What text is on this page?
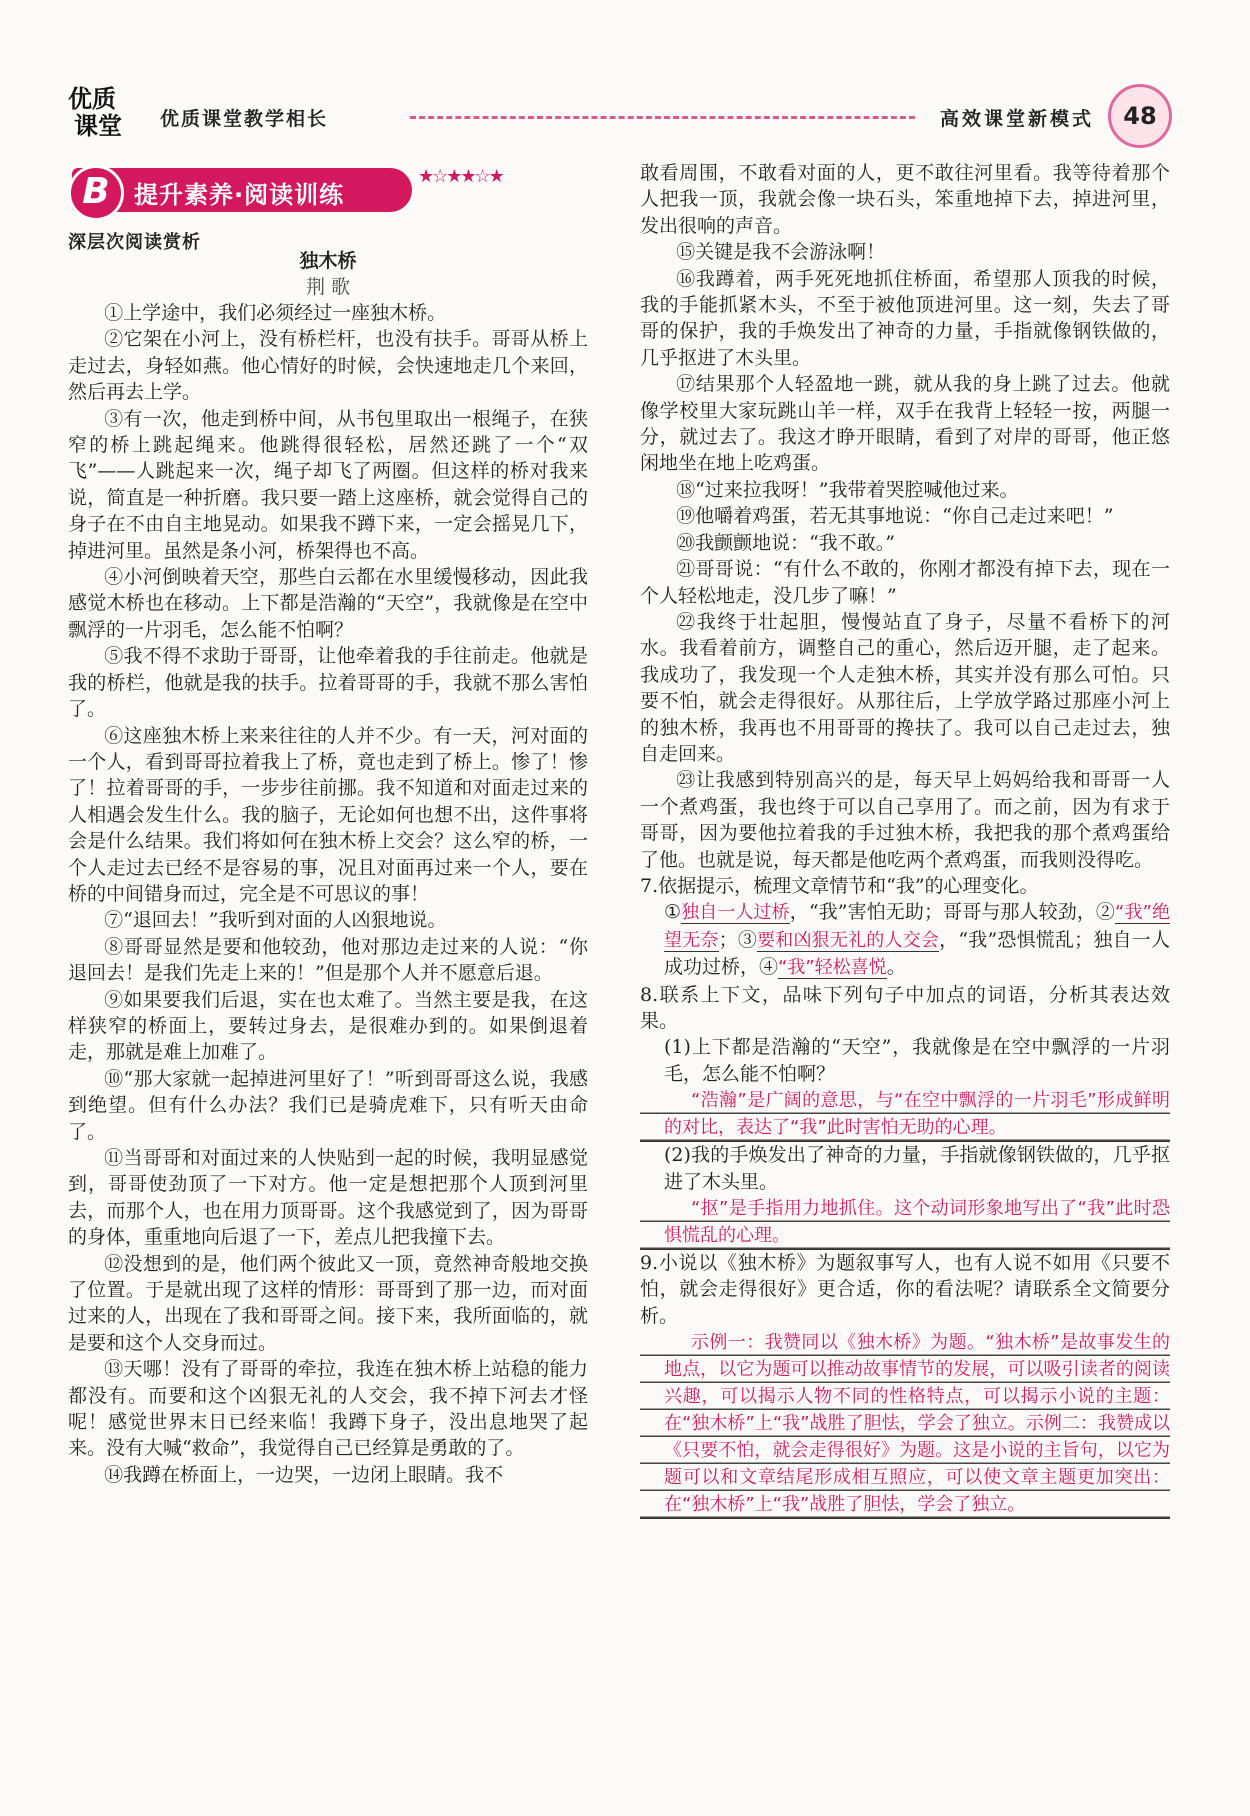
优质
课堂	优质课堂教学相长	高效课堂新模式	48
B	提升素养·阅读训练
★☆★★☆★
深层次阅读赏析
独木桥
荆 歌

①上学途中，我们必须经过一座独木桥。

②它架在小河上，没有桥栏杆，也没有扶手。哥哥从桥上走过去，身轻如燕。他心情好的时候，会快速地走几个来回，然后再去上学。

③有一次，他走到桥中间，从书包里取出一根绳子，在狭窄的桥上跳起绳来。他跳得很轻松，居然还跳了一个“双飞”——人跳起来一次，绳子却飞了两圈。但这样的桥对我来说，简直是一种折磨。我只要一踏上这座桥，就会觉得自己的身子在不由自主地晃动。如果我不蹲下来，一定会摇晃几下，掉进河里。虽然是条小河，桥架得也不高。

④小河倒映着天空，那些白云都在水里缓慢移动，因此我感觉木桥也在移动。上下都是浩瀚的“天空”，我就像是在空中飘浮的一片羽毛，怎么能不怕啊？

⑤我不得不求助于哥哥，让他牵着我的手往前走。他就是我的桥栏，他就是我的扶手。拉着哥哥的手，我就不那么害怕了。

⑥这座独木桥上来来往往的人并不少。有一天，河对面的一个人，看到哥哥拉着我上了桥，竟也走到了桥上。惨了！惨了！拉着哥哥的手，一步步往前挪。我不知道和对面走过来的人相遇会发生什么。我的脑子，无论如何也想不出，这件事将会是什么结果。我们将如何在独木桥上交会？这么窄的桥，一个人走过去已经不是容易的事，况且对面再过来一个人，要在桥的中间错身而过，完全是不可思议的事！

⑦“退回去！”我听到对面的人凶狠地说。

⑧哥哥显然是要和他较劲，他对那边走过来的人说：“你退回去！是我们先走上来的！”但是那个人并不愿意后退。

⑨如果要我们后退，实在也太难了。当然主要是我，在这样狭窄的桥面上，要转过身去，是很难办到的。如果倒退着走，那就是难上加难了。

⑩“那大家就一起掉进河里好了！”听到哥哥这么说，我感到绝望。但有什么办法？我们已是骑虎难下，只有听天由命了。

⑪当哥哥和对面过来的人快贴到一起的时候，我明显感觉到，哥哥使劲顶了一下对方。他一定是想把那个人顶到河里去，而那个人，也在用力顶哥哥。这个我感觉到了，因为哥哥的身体，重重地向后退了一下，差点儿把我撞下去。

⑫没想到的是，他们两个彼此又一顶，竟然神奇般地交换了位置。于是就出现了这样的情形：哥哥到了那一边，而对面过来的人，出现在了我和哥哥之间。接下来，我所面临的，就是要和这个人交身而过。

⑬天哪！没有了哥哥的牵拉，我连在独木桥上站稳的能力都没有。而要和这个凶狠无礼的人交会，我不掉下河去才怪呢！感觉世界末日已经来临！我蹲下身子，没出息地哭了起来。没有大喊“救命”，我觉得自己已经算是勇敢的了。

⑭我蹲在桥面上，一边哭，一边闭上眼睛。我不

敢看周围，不敢看对面的人，更不敢往河里看。我等待着那个人把我一顶，我就会像一块石头，笨重地掉下去，掉进河里，发出很响的声音。

⑮关键是我不会游泳啊！

⑯我蹲着，两手死死地抓住桥面，希望那人顶我的时候，我的手能抓紧木头，不至于被他顶进河里。这一刻，失去了哥哥的保护，我的手焕发出了神奇的力量，手指就像钢铁做的，几乎抠进了木头里。

⑰结果那个人轻盈地一跳，就从我的身上跳了过去。他就像学校里大家玩跳山羊一样，双手在我背上轻轻一按，两腿一分，就过去了。我这才睁开眼睛，看到了对岸的哥哥，他正悠闲地坐在地上吃鸡蛋。

⑱“过来拉我呀！”我带着哭腔喊他过来。

⑲他嚼着鸡蛋，若无其事地说：“你自己走过来吧！”

⑳我颤颤地说：“我不敢。”

㉑哥哥说：“有什么不敢的，你刚才都没有掉下去，现在一个人轻松地走，没几步了嘛！”

㉒我终于壮起胆，慢慢站直了身子，尽量不看桥下的河水。我看着前方，调整自己的重心，然后迈开腿，走了起来。我成功了，我发现一个人走独木桥，其实并没有那么可怕。只要不怕，就会走得很好。从那往后，上学放学路过那座小河上的独木桥，我再也不用哥哥的搀扶了。我可以自己走过去，独自走回来。

㉓让我感到特别高兴的是，每天早上妈妈给我和哥哥一人一个煮鸡蛋，我也终于可以自己享用了。而之前，因为有求于哥哥，因为要他拉着我的手过独木桥，我把我的那个煮鸡蛋给了他。也就是说，每天都是他吃两个煮鸡蛋，而我则没得吃。

7.依据提示，梳理文章情节和“我”的心理变化。

①独自一人过桥，“我”害怕无助；哥哥与那人较劲，②“我”绝望无奈；③要和凶狠无礼的人交会，“我”恐惧慌乱；独自一人成功过桥，④“我”轻松喜悦。

8.联系上下文，品味下列句子中加点的词语，分析其表达效果。

(1)上下都是浩瀚的“天空”，我就像是在空中飘浮的一片羽毛，怎么能不怕啊？

“浩瀚”是广阔的意思，与“在空中飘浮的一片羽毛”形成鲜明的对比，表达了“我”此时害怕无助的心理。

(2)我的手焕发出了神奇的力量，手指就像钢铁做的，几乎抠进了木头里。

“抠”是手指用力地抓住。这个动词形象地写出了“我”此时恐惧慌乱的心理。

9.小说以《独木桥》为题叙事写人，也有人说不如用《只要不怕，就会走得很好》更合适，你的看法呢？请联系全文简要分析。

示例一：我赞同以《独木桥》为题。“独木桥”是故事发生的地点，以它为题可以推动故事情节的发展，可以吸引读者的阅读兴趣，可以揭示人物不同的性格特点，可以揭示小说的主题：在“独木桥”上“我”战胜了胆怯，学会了独立。示例二：我赞成以《只要不怕，就会走得很好》为题。这是小说的主旨句，以它为题可以和文章结尾形成相互照应，可以使文章主题更加突出：在“独木桥”上“我”战胜了胆怯，学会了独立。
